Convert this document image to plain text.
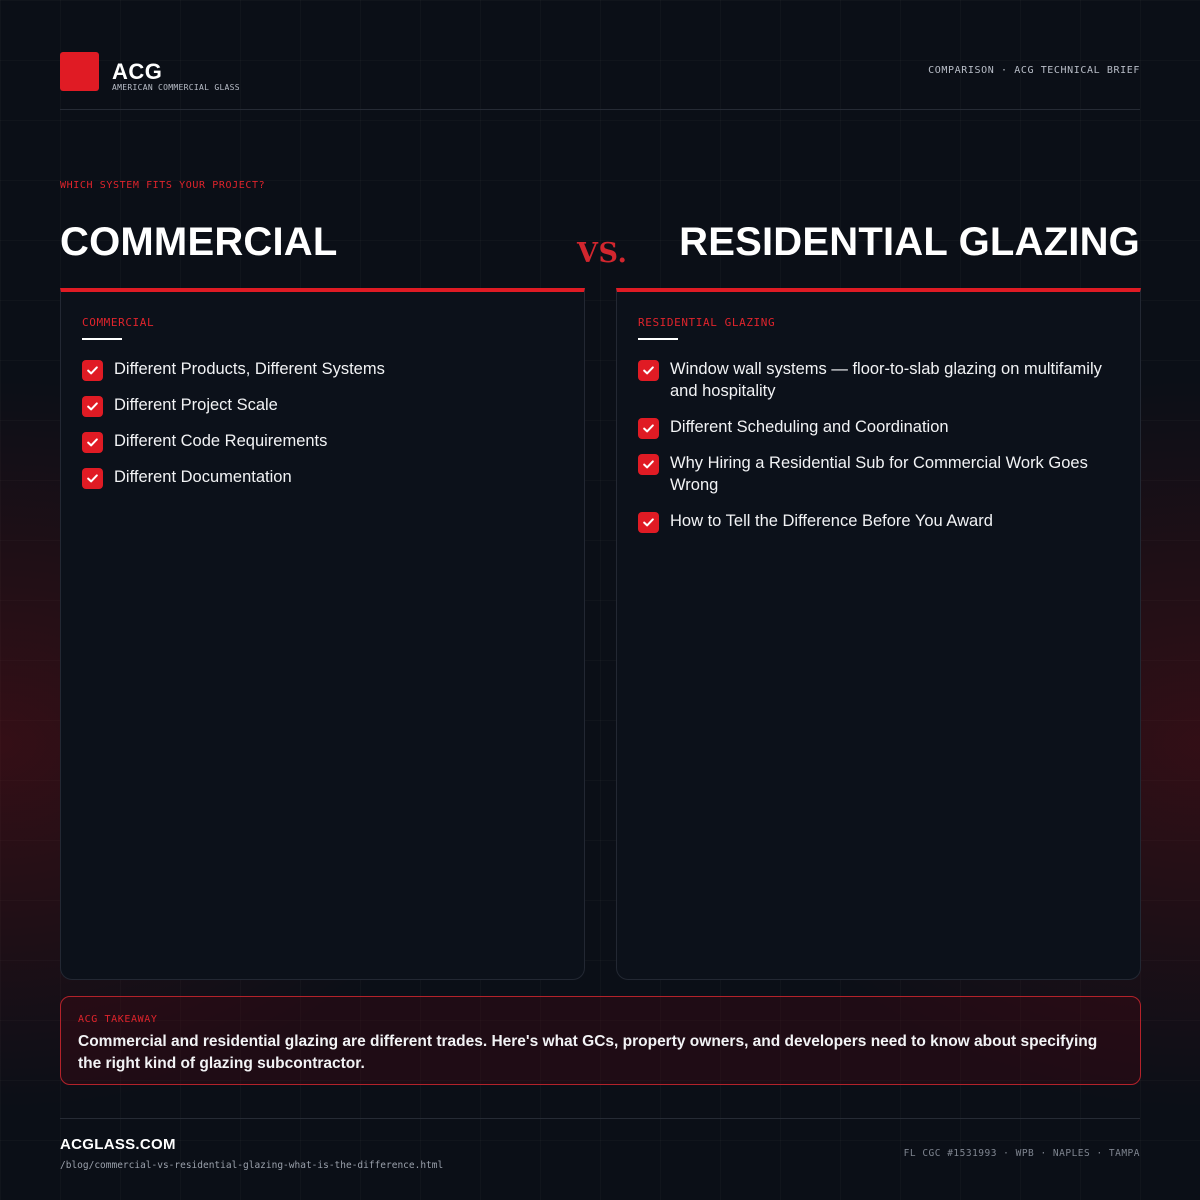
ACG
AMERICAN COMMERCIAL GLASS
COMPARISON · ACG TECHNICAL BRIEF
WHICH SYSTEM FITS YOUR PROJECT?
COMMERCIAL	VS. RESIDENTIAL GLAZING
COMMERCIAL
Different Products, Different Systems
Different Project Scale
Different Code Requirements
Different Documentation
RESIDENTIAL GLAZING
Window wall systems — floor-to-slab glazing on multifamily and hospitality
Different Scheduling and Coordination
Why Hiring a Residential Sub for Commercial Work Goes Wrong
How to Tell the Difference Before You Award
ACG TAKEAWAY
Commercial and residential glazing are different trades. Here's what GCs, property owners, and developers need to know about specifying the right kind of glazing subcontractor.
ACGLASS.COM
/blog/commercial-vs-residential-glazing-what-is-the-difference.html
FL CGC #1531993 · WPB · NAPLES · TAMPA
